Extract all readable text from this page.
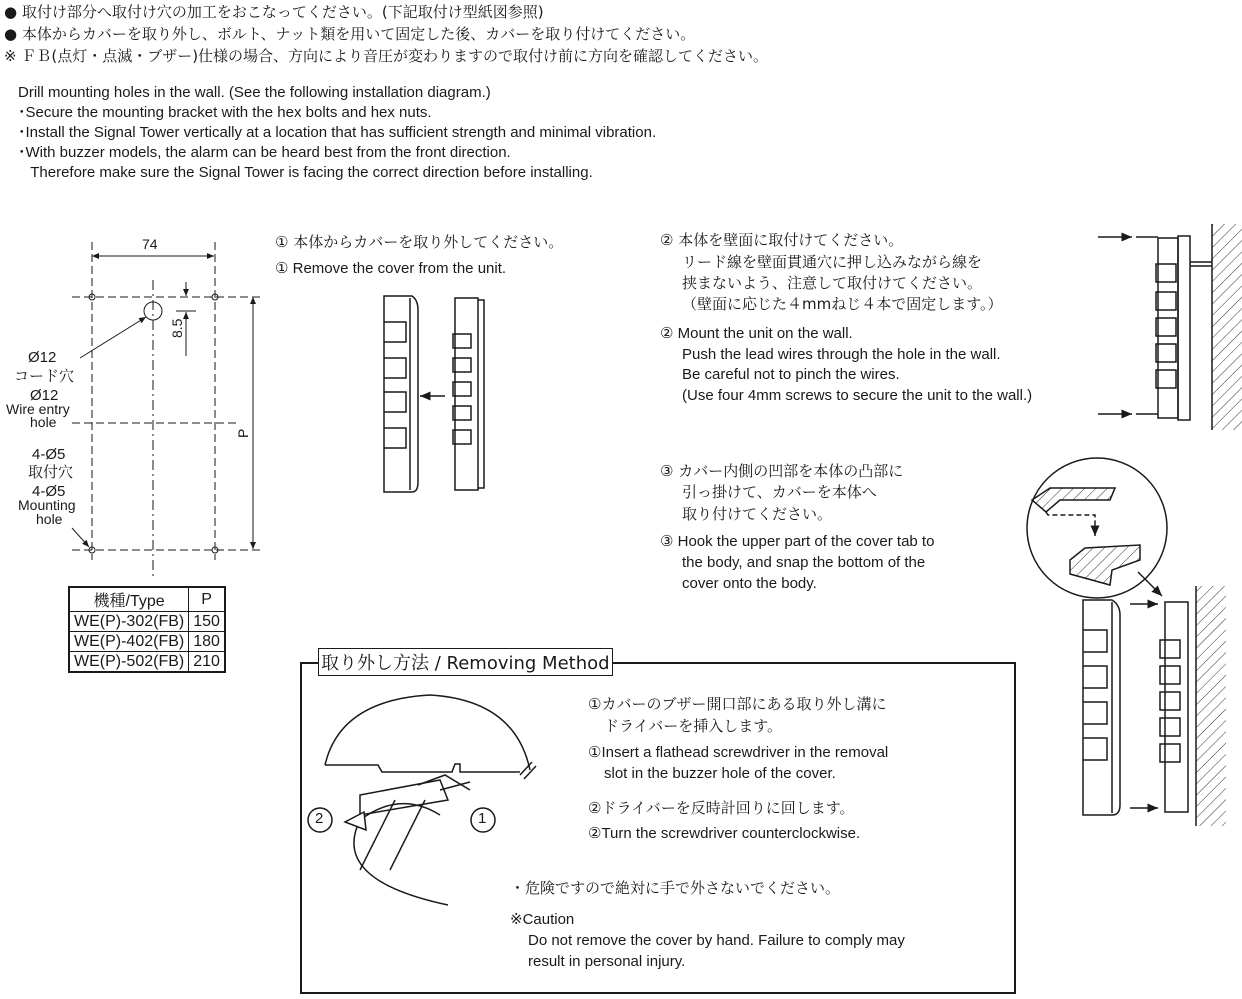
● 取付け部分へ取付け穴の加工をおこなってください。(下記取付け型紙図参照)
● 本体からカバーを取り外し、ボルト、ナット類を用いて固定した後、カバーを取り付けてください。
※ ＦＢ(点灯・点滅・ブザー)仕様の場合、方向により音圧が変わりますので取付け前に方向を確認してください。
Drill mounting holes in the wall. (See the following installation diagram.)
･Secure the mounting bracket with the hex bolts and hex nuts.
･Install the Signal Tower vertically at a location that has sufficient strength and minimal vibration.
･With buzzer models, the alarm can be heard best from the front direction.
Therefore make sure the Signal Tower is facing the correct direction before installing.
74
8.5
P
Ø12
コード穴
Ø12
Wire entry
hole
4-Ø5
取付穴
4-Ø5
Mounting
hole
機種/Type	P
WE(P)-302(FB)	150
WE(P)-402(FB)	180
WE(P)-502(FB)	210
① 本体からカバーを取り外してください。
① Remove the cover from the unit.
② 本体を壁面に取付けてください。
リード線を壁面貫通穴に押し込みながら線を
挟まないよう、注意して取付けてください。
（壁面に応じた４mmねじ４本で固定します。）
② Mount the unit on the wall.
Push the lead wires through the hole in the wall.
Be careful not to pinch the wires.
(Use four 4mm screws to secure the unit to the wall.)
③ カバー内側の凹部を本体の凸部に
引っ掛けて、カバーを本体へ
取り付けてください。
③ Hook the upper part of the cover tab to
the body, and snap the bottom of the
cover onto the body.
取り外し方法 / Removing Method
2	1
①カバーのブザー開口部にある取り外し溝に
ドライバーを挿入します。
①Insert a flathead screwdriver in the removal
slot in the buzzer hole of the cover.
②ドライバーを反時計回りに回します。
②Turn the screwdriver counterclockwise.
・危険ですので絶対に手で外さないでください。
※Caution
Do not remove the cover by hand. Failure to comply may
result in personal injury.
